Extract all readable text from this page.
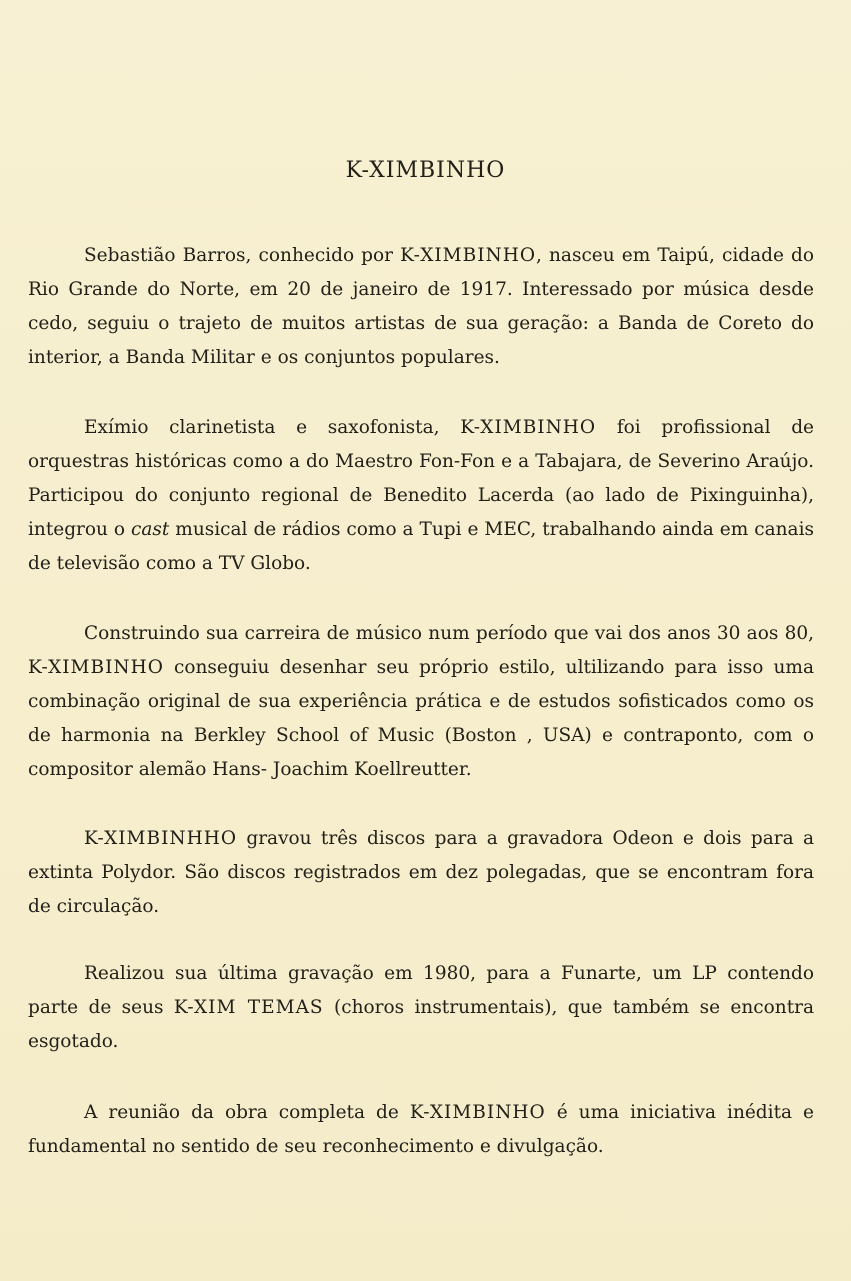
K-XIMBINHO

Sebastião Barros, conhecido por K-XIMBINHO, nasceu em Taipú, cidade do Rio Grande do Norte, em 20 de janeiro de 1917. Interessado por música desde cedo, seguiu o trajeto de muitos artistas de sua geração: a Banda de Coreto do interior, a Banda Militar e os conjuntos populares.

Exímio clarinetista e saxofonista, K-XIMBINHO foi profissional de orquestras históricas como a do Maestro Fon-Fon e a Tabajara, de Severino Araújo. Participou do conjunto regional de Benedito Lacerda (ao lado de Pixinguinha), integrou o cast musical de rádios como a Tupi e MEC, trabalhando ainda em canais de televisão como a TV Globo.

Construindo sua carreira de músico num período que vai dos anos 30 aos 80, K-XIMBINHO conseguiu desenhar seu próprio estilo, ultilizando para isso uma combinação original de sua experiência prática e de estudos sofisticados como os de harmonia na Berkley School of Music (Boston , USA) e contraponto, com o compositor alemão Hans- Joachim Koellreutter.

K-XIMBINHHO gravou três discos para a gravadora Odeon e dois para a extinta Polydor. São discos registrados em dez polegadas, que se encontram fora de circulação.

Realizou sua última gravação em 1980, para a Funarte, um LP contendo parte de seus K-XIM TEMAS (choros instrumentais), que também se encontra esgotado.

A reunião da obra completa de K-XIMBINHO é uma iniciativa inédita e fundamental no sentido de seu reconhecimento e divulgação.
